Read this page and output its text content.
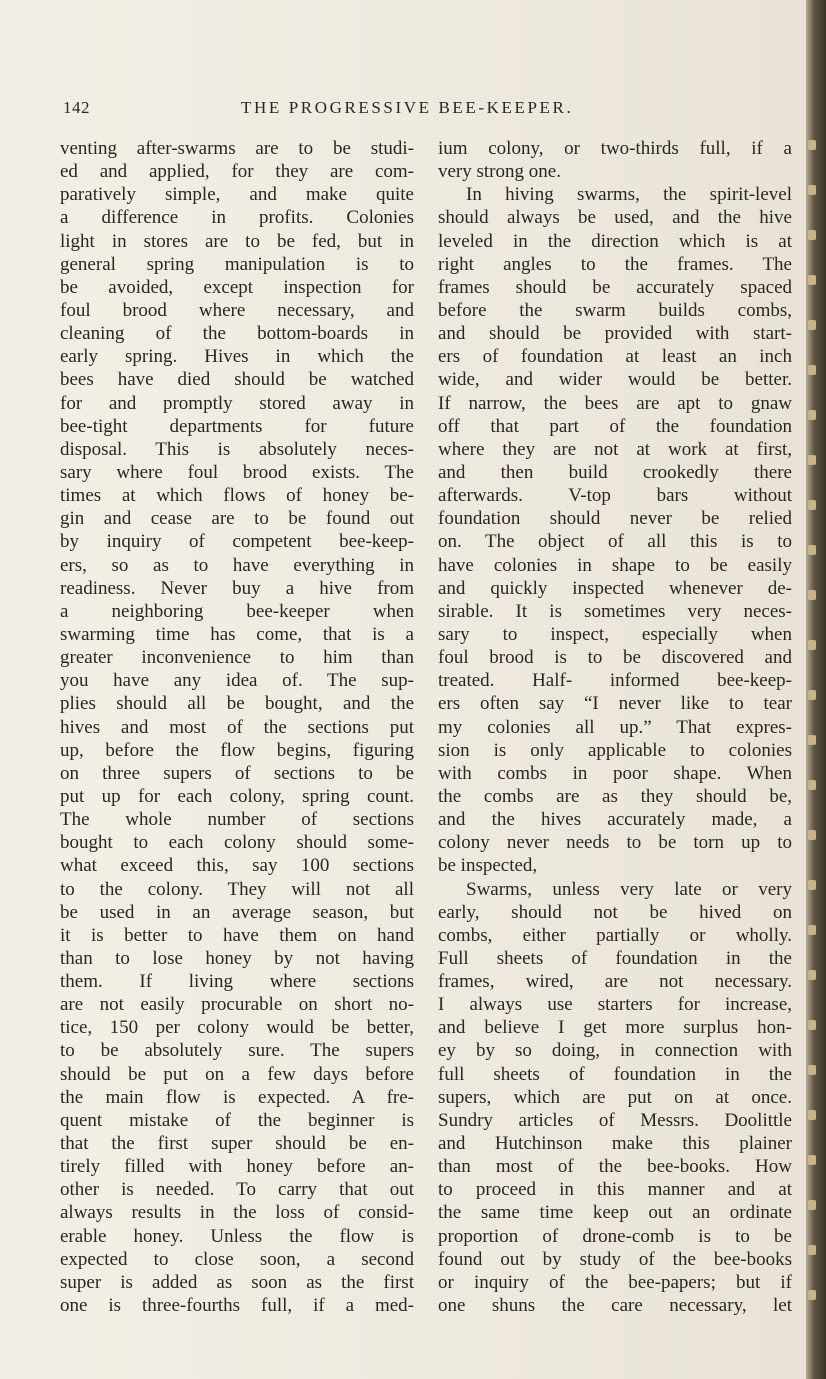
142	THE PROGRESSIVE BEE-KEEPER.
venting after-swarms are to be studi-
ed and applied, for they are com-
paratively simple, and make quite
a difference in profits. Colonies
light in stores are to be fed, but in
general spring manipulation is to
be avoided, except inspection for
foul brood where necessary, and
cleaning of the bottom-boards in
early spring. Hives in which the
bees have died should be watched
for and promptly stored away in
bee-tight departments for future
disposal. This is absolutely neces-
sary where foul brood exists. The
times at which flows of honey be-
gin and cease are to be found out
by inquiry of competent bee-keep-
ers, so as to have everything in
readiness. Never buy a hive from
a neighboring bee-keeper when
swarming time has come, that is a
greater inconvenience to him than
you have any idea of. The sup-
plies should all be bought, and the
hives and most of the sections put
up, before the flow begins, figuring
on three supers of sections to be
put up for each colony, spring count.
The whole number of sections
bought to each colony should some-
what exceed this, say 100 sections
to the colony. They will not all
be used in an average season, but
it is better to have them on hand
than to lose honey by not having
them. If living where sections
are not easily procurable on short no-
tice, 150 per colony would be better,
to be absolutely sure. The supers
should be put on a few days before
the main flow is expected. A fre-
quent mistake of the beginner is
that the first super should be en-
tirely filled with honey before an-
other is needed. To carry that out
always results in the loss of consid-
erable honey. Unless the flow is
expected to close soon, a second
super is added as soon as the first
one is three-fourths full, if a med-
ium colony, or two-thirds full, if a
very strong one.
In hiving swarms, the spirit-level
should always be used, and the hive
leveled in the direction which is at
right angles to the frames. The
frames should be accurately spaced
before the swarm builds combs,
and should be provided with start-
ers of foundation at least an inch
wide, and wider would be better.
If narrow, the bees are apt to gnaw
off that part of the foundation
where they are not at work at first,
and then build crookedly there
afterwards. V-top bars without
foundation should never be relied
on. The object of all this is to
have colonies in shape to be easily
and quickly inspected whenever de-
sirable. It is sometimes very neces-
sary to inspect, especially when
foul brood is to be discovered and
treated. Half- informed bee-keep-
ers often say “I never like to tear
my colonies all up.” That expres-
sion is only applicable to colonies
with combs in poor shape. When
the combs are as they should be,
and the hives accurately made, a
colony never needs to be torn up to
be inspected,
Swarms, unless very late or very
early, should not be hived on
combs, either partially or wholly.
Full sheets of foundation in the
frames, wired, are not necessary.
I always use starters for increase,
and believe I get more surplus hon-
ey by so doing, in connection with
full sheets of foundation in the
supers, which are put on at once.
Sundry articles of Messrs. Doolittle
and Hutchinson make this plainer
than most of the bee-books. How
to proceed in this manner and at
the same time keep out an ordinate
proportion of drone-comb is to be
found out by study of the bee-books
or inquiry of the bee-papers; but if
one shuns the care necessary, let
